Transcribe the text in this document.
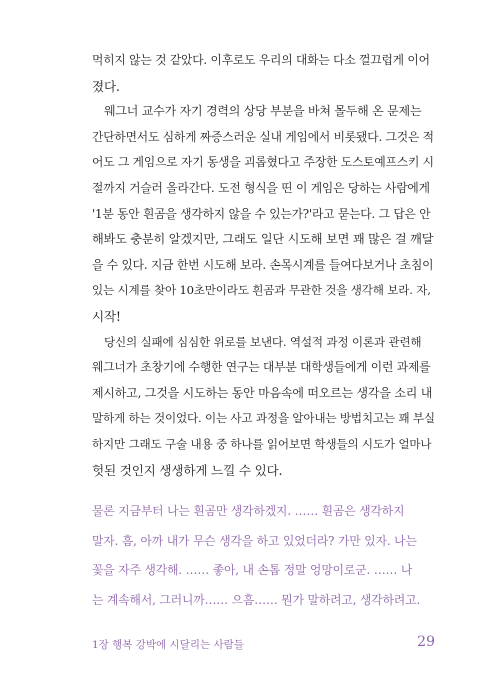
먹히지 않는 것 같았다. 이후로도 우리의 대화는 다소 껄끄럽게 이어
졌다.

웨그너 교수가 자기 경력의 상당 부분을 바쳐 몰두해 온 문제는
간단하면서도 심하게 짜증스러운 실내 게임에서 비롯됐다. 그것은 적
어도 그 게임으로 자기 동생을 괴롭혔다고 주장한 도스토예프스키 시
절까지 거슬러 올라간다. 도전 형식을 띤 이 게임은 당하는 사람에게
'1분 동안 흰곰을 생각하지 않을 수 있는가?'라고 묻는다. 그 답은 안
해봐도 충분히 알겠지만, 그래도 일단 시도해 보면 꽤 많은 걸 깨달
을 수 있다. 지금 한번 시도해 보라. 손목시계를 들여다보거나 초침이
있는 시계를 찾아 10초만이라도 흰곰과 무관한 것을 생각해 보라. 자,
시작!

당신의 실패에 심심한 위로를 보낸다. 역설적 과정 이론과 관련해
웨그너가 초창기에 수행한 연구는 대부분 대학생들에게 이런 과제를
제시하고, 그것을 시도하는 동안 마음속에 떠오르는 생각을 소리 내
말하게 하는 것이었다. 이는 사고 과정을 알아내는 방법치고는 꽤 부실
하지만 그래도 구술 내용 중 하나를 읽어보면 학생들의 시도가 얼마나
헛된 것인지 생생하게 느낄 수 있다.

물론 지금부터 나는 흰곰만 생각하겠지. …… 흰곰은 생각하지
말자. 흠, 아까 내가 무슨 생각을 하고 있었더라? 가만 있자. 나는
꽃을 자주 생각해. …… 좋아, 내 손톱 정말 엉망이로군. …… 나
는 계속해서, 그러니까…… 으흠…… 뭔가 말하려고, 생각하려고.
1장 행복 강박에 시달리는 사람들	29
